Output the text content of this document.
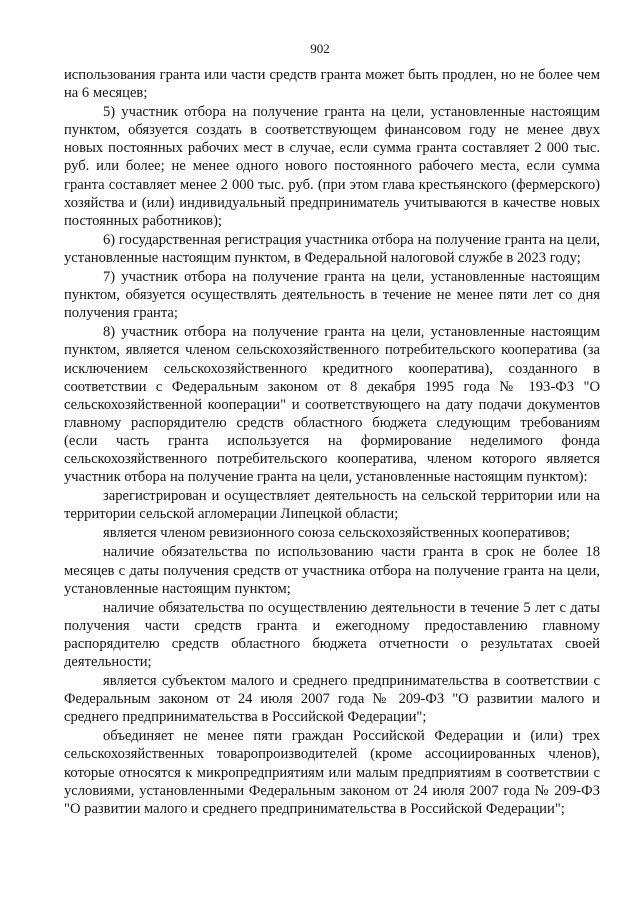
902

использования гранта или части средств гранта может быть продлен, но не более чем на 6 месяцев;

5) участник отбора на получение гранта на цели, установленные настоящим пунктом, обязуется создать в соответствующем финансовом году не менее двух новых постоянных рабочих мест в случае, если сумма гранта составляет 2 000 тыс. руб. или более; не менее одного нового постоянного рабочего места, если сумма гранта составляет менее 2 000 тыс. руб. (при этом глава крестьянского (фермерского) хозяйства и (или) индивидуальный предприниматель учитываются в качестве новых постоянных работников);

6) государственная регистрация участника отбора на получение гранта на цели, установленные настоящим пунктом, в Федеральной налоговой службе в 2023 году;

7) участник отбора на получение гранта на цели, установленные настоящим пунктом, обязуется осуществлять деятельность в течение не менее пяти лет со дня получения гранта;

8) участник отбора на получение гранта на цели, установленные настоящим пунктом, является членом сельскохозяйственного потребительского кооператива (за исключением сельскохозяйственного кредитного кооператива), созданного в соответствии с Федеральным законом от 8 декабря 1995 года № 193-ФЗ "О сельскохозяйственной кооперации" и соответствующего на дату подачи документов главному распорядителю средств областного бюджета следующим требованиям (если часть гранта используется на формирование неделимого фонда сельскохозяйственного потребительского кооператива, членом которого является участник отбора на получение гранта на цели, установленные настоящим пунктом):

зарегистрирован и осуществляет деятельность на сельской территории или на территории сельской агломерации Липецкой области;

является членом ревизионного союза сельскохозяйственных кооперативов;

наличие обязательства по использованию части гранта в срок не более 18 месяцев с даты получения средств от участника отбора на получение гранта на цели, установленные настоящим пунктом;

наличие обязательства по осуществлению деятельности в течение 5 лет с даты получения части средств гранта и ежегодному предоставлению главному распорядителю средств областного бюджета отчетности о результатах своей деятельности;

является субъектом малого и среднего предпринимательства в соответствии с Федеральным законом от 24 июля 2007 года № 209-ФЗ "О развитии малого и среднего предпринимательства в Российской Федерации";

объединяет не менее пяти граждан Российской Федерации и (или) трех сельскохозяйственных товаропроизводителей (кроме ассоциированных членов), которые относятся к микропредприятиям или малым предприятиям в соответствии с условиями, установленными Федеральным законом от 24 июля 2007 года № 209-ФЗ "О развитии малого и среднего предпринимательства в Российской Федерации";
